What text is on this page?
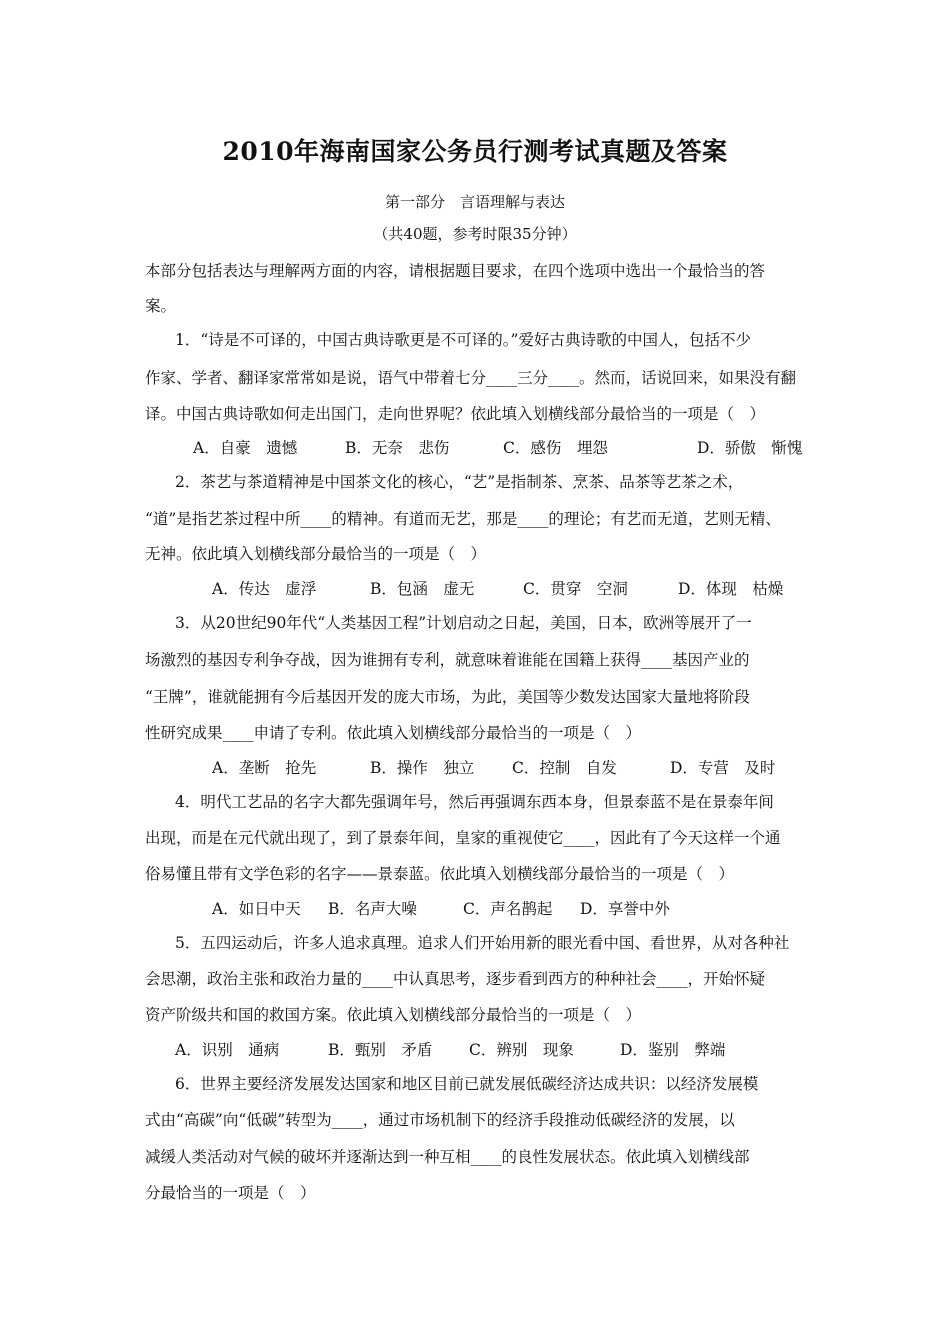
2010年海南国家公务员行测考试真题及答案
第一部分　言语理解与表达
（共40题，参考时限35分钟）
本部分包括表达与理解两方面的内容，请根据题目要求，在四个选项中选出一个最恰当的答
案。
1．“诗是不可译的，中国古典诗歌更是不可译的。”爱好古典诗歌的中国人，包括不少
作家、学者、翻译家常常如是说，语气中带着七分____三分____。然而，话说回来，如果没有翻
译。中国古典诗歌如何走出国门，走向世界呢？依此填入划横线部分最恰当的一项是（　）
A．自豪　遗憾	B．无奈　悲伤	C．感伤　埋怨	D．骄傲　惭愧
2．茶艺与茶道精神是中国茶文化的核心，“艺”是指制茶、烹茶、品茶等艺茶之术，
“道”是指艺茶过程中所____的精神。有道而无艺，那是____的理论；有艺而无道，艺则无精、
无神。依此填入划横线部分最恰当的一项是（　）
A．传达　虚浮	B．包涵　虚无	C．贯穿　空洞	D．体现　枯燥
3．从20世纪90年代“人类基因工程”计划启动之日起，美国，日本，欧洲等展开了一
场激烈的基因专利争夺战，因为谁拥有专利，就意味着谁能在国籍上获得____基因产业的
“王牌”，谁就能拥有今后基因开发的庞大市场，为此，美国等少数发达国家大量地将阶段
性研究成果____申请了专利。依此填入划横线部分最恰当的一项是（　）
A．垄断　抢先	B．操作　独立 C．控制　自发	D．专营　及时
4．明代工艺品的名字大都先强调年号，然后再强调东西本身，但景泰蓝不是在景泰年间
出现，而是在元代就出现了，到了景泰年间，皇家的重视使它____，因此有了今天这样一个通
俗易懂且带有文学色彩的名字——景泰蓝。依此填入划横线部分最恰当的一项是（　）
A．如日中天 B．名声大噪	C．声名鹊起 D．享誉中外
5．五四运动后，许多人追求真理。追求人们开始用新的眼光看中国、看世界，从对各种社
会思潮，政治主张和政治力量的____中认真思考，逐步看到西方的种种社会____，开始怀疑
资产阶级共和国的救国方案。依此填入划横线部分最恰当的一项是（　）
A．识别　通病	B．甄别　矛盾 C．辨别　现象	D．鉴别　弊端
6．世界主要经济发展发达国家和地区目前已就发展低碳经济达成共识：以经济发展模
式由“高碳”向“低碳”转型为____，通过市场机制下的经济手段推动低碳经济的发展，以
减缓人类活动对气候的破坏并逐渐达到一种互相____的良性发展状态。依此填入划横线部
分最恰当的一项是（　）
